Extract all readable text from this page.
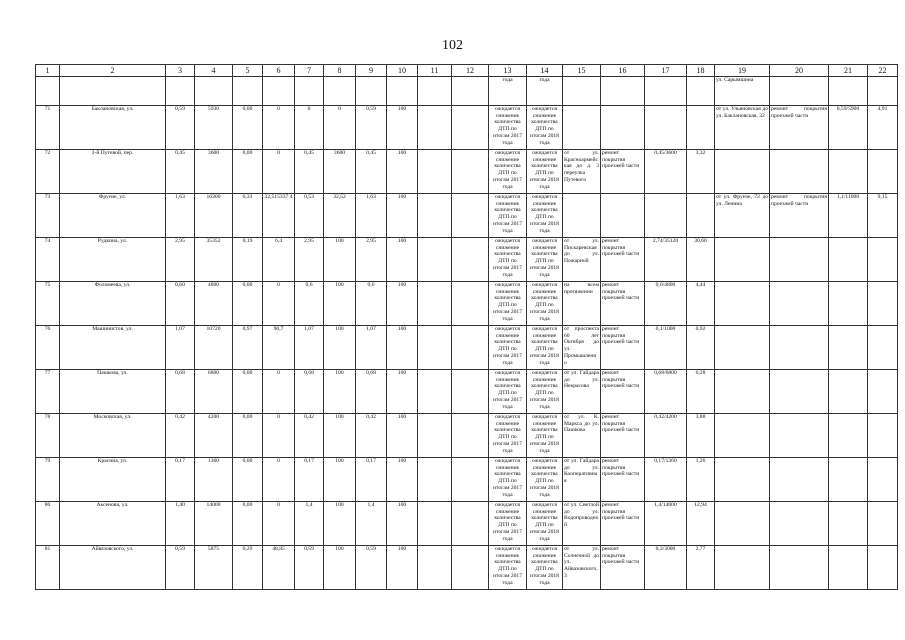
102
1	2	3	4	5	6	7	8	9	10	11	12	13	14	15	16	17	18	19	20	21	22
												года	года					ул. Сарымшина			
71	Баклановская, ул.	0,59	5930	0,00	0	0	0	0,59	100			ожидается снижение количества ДТП по итогам 2017 года	ожидается снижение количества ДТП по итогам 2018 года					от ул. Ульяновская до ул. Баклановская, 32	ремонт покрытия проезжей части	0,59/5900	4,91
72	3-й Путевой, пер.	0,45	3600	0,00	0	0,45	3600	0,45	100			ожидается снижение количества ДТП по итогам 2017 года	ожидается снижение количества ДТП по итогам 2018 года	от ул. Красноармейская до д. 3 переулка Путевого	ремонт покрытия проезжей части	0,45/3600	3,32				
73	Фрунзе, ул.	1,63	16300	0,33	32,515337 4	0,53	32,52	1,63	100			ожидается снижение количества ДТП по итогам 2017 года	ожидается снижение количества ДТП по итогам 2018 года					от ул. Фрунзе, 72 до ул. Ленина	ремонт покрытия проезжей части	1,1/11000	9,15
74	Рудкина, ул.	2,95	35352	0,19	6,4	2,95	100	2,95	100			ожидается снижение количества ДТП по итогам 2017 года	ожидается снижение количества ДТП по итогам 2018 года	от ул. Пискаревская до ул. Пожарной	ремонт покрытия проезжей части	2,74/35120	30,60				
75	Фоломеева, ул.	0,60	4800	0,00	0	0,6	100	0,6	100			ожидается снижение количества ДТП по итогам 2017 года	ожидается снижение количества ДТП по итогам 2018 года	на всем протяжении	ремонт покрытия проезжей части	0,6/4800	4,44				
76	Машинистов, ул.	1,07	10720	0,97	90,7	1,07	100	1,07	100			ожидается снижение количества ДТП по итогам 2017 года	ожидается снижение количества ДТП по итогам 2018 года	от проспекта 60 лет Октября до ул. Промышленно	ремонт покрытия проезжей части	0,1/1000	0,92				
77	Пашкова, ул.	0,68	6800	0,00	0	0,68	100	0,68	100			ожидается снижение количества ДТП по итогам 2017 года	ожидается снижение количества ДТП по итогам 2018 года	от ул. Гайдара до ул. Некрасова	ремонт покрытия проезжей части	0,68/6800	6,28				
78	Московская, ул.	0,42	4200	0,00	0	0,42	100	0,42	100			ожидается снижение количества ДТП по итогам 2017 года	ожидается снижение количества ДТП по итогам 2018 года	от ул. К. Маркса до ул. Пашкова	ремонт покрытия проезжей части	0,42/4200	3,88				
79	Красина, ул.	0,17	1360	0,00	0	0,17	100	0,17	100			ожидается снижение количества ДТП по итогам 2017 года	ожидается снижение количества ДТП по итогам 2018 года	от ул. Гайдара до ул. Кооперативная	ремонт покрытия проезжей части	0,17/1360	1,26				
80	Аксенова, ул.	1,40	14000	0,00	0	1,4	100	1,4	100			ожидается снижение количества ДТП по итогам 2017 года	ожидается снижение количества ДТП по итогам 2018 года	от ул. Светлой до ул. Водопроводной	ремонт покрытия проезжей части	1,4/14000	12,94				
81	Айвазовского, ул.	0,59	5875	0,29	48,85	0,59	100	0,59	100			ожидается снижение количества ДТП по итогам 2017 года	ожидается снижение количества ДТП по итогам 2018 года	от ул. Солнечной до ул. Айвазовского, 3	ремонт покрытия проезжей части	0,3/3000	2,77				
